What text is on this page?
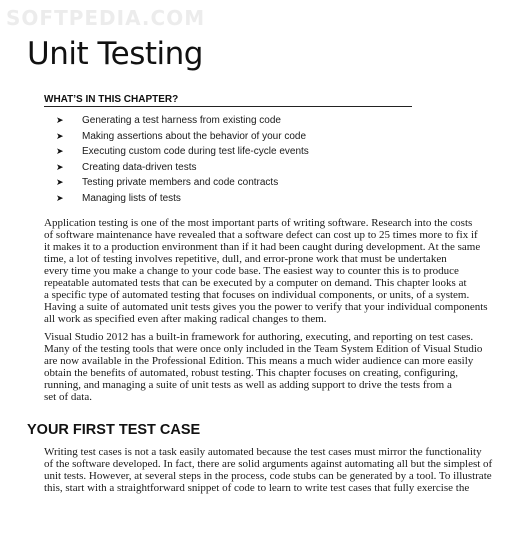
SOFTPEDIA.COM
Unit Testing
WHAT’S IN THIS CHAPTER?
➤	Generating a test harness from existing code
➤	Making assertions about the behavior of your code
➤	Executing custom code during test life-cycle events
➤	Creating data-driven tests
➤	Testing private members and code contracts
➤	Managing lists of tests

Application testing is one of the most important parts of writing software. Research into the costs
of software maintenance have revealed that a software defect can cost up to 25 times more to fix if
it makes it to a production environment than if it had been caught during development. At the same
time, a lot of testing involves repetitive, dull, and error-prone work that must be undertaken
every time you make a change to your code base. The easiest way to counter this is to produce
repeatable automated tests that can be executed by a computer on demand. This chapter looks at
a specific type of automated testing that focuses on individual components, or units, of a system.
Having a suite of automated unit tests gives you the power to verify that your individual components
all work as specified even after making radical changes to them.

Visual Studio 2012 has a built-in framework for authoring, executing, and reporting on test cases.
Many of the testing tools that were once only included in the Team System Edition of Visual Studio
are now available in the Professional Edition. This means a much wider audience can more easily
obtain the benefits of automated, robust testing. This chapter focuses on creating, configuring,
running, and managing a suite of unit tests as well as adding support to drive the tests from a
set of data.

YOUR FIRST TEST CASE

Writing test cases is not a task easily automated because the test cases must mirror the functionality
of the software developed. In fact, there are solid arguments against automating all but the simplest of
unit tests. However, at several steps in the process, code stubs can be generated by a tool. To illustrate
this, start with a straightforward snippet of code to learn to write test cases that fully exercise the
